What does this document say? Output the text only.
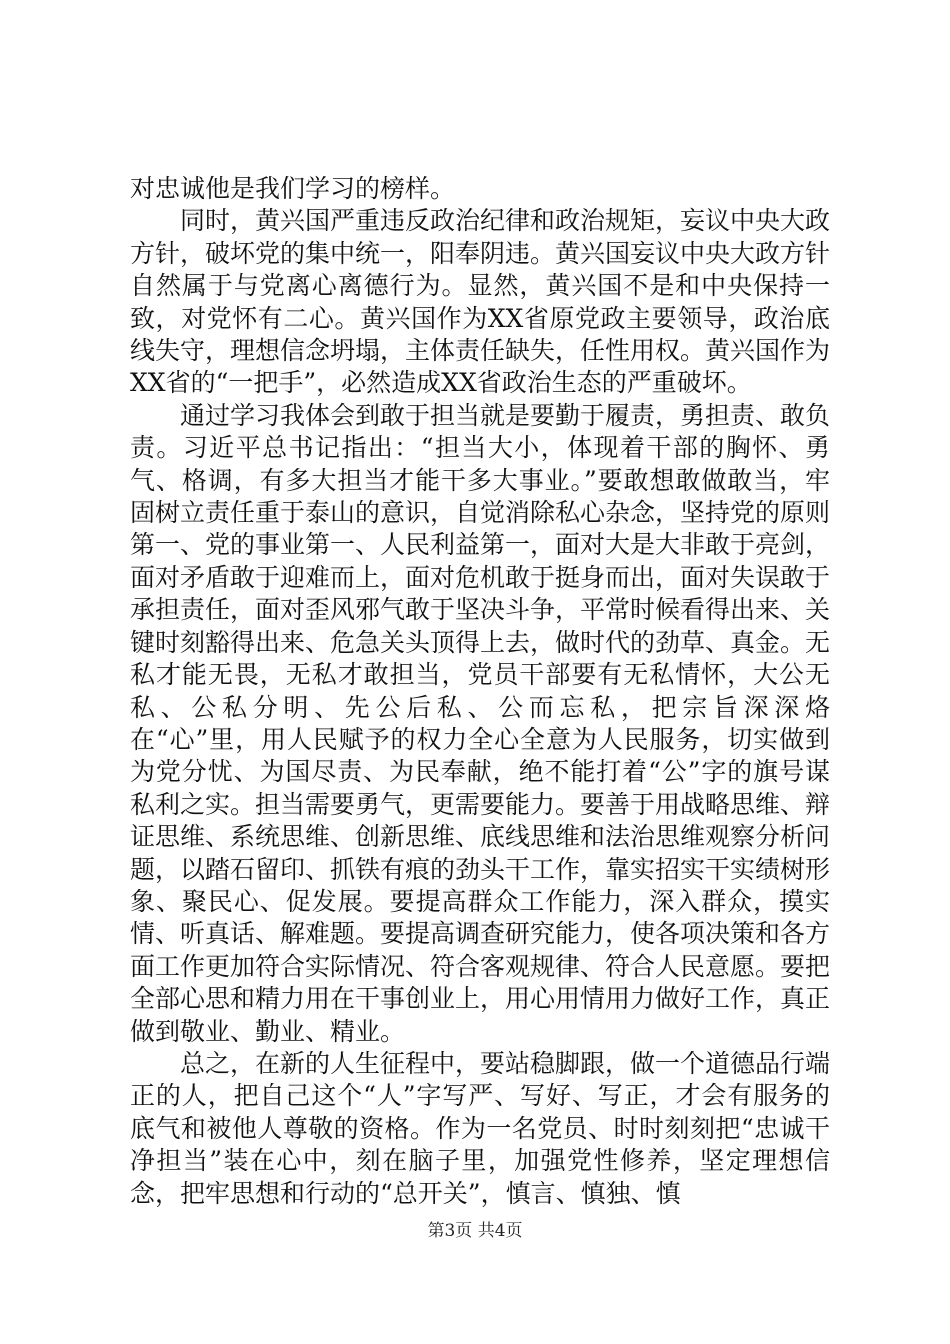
对忠诚他是我们学习的榜样。

同时，黄兴国严重违反政治纪律和政治规矩，妄议中央大政方针，破坏党的集中统一，阳奉阴违。黄兴国妄议中央大政方针自然属于与党离心离德行为。显然，黄兴国不是和中央保持一致，对党怀有二心。黄兴国作为XX省原党政主要领导，政治底线失守，理想信念坍塌，主体责任缺失，任性用权。黄兴国作为XX省的“一把手”，必然造成XX省政治生态的严重破坏。

通过学习我体会到敢于担当就是要勤于履责，勇担责、敢负责。习近平总书记指出：“担当大小，体现着干部的胸怀、勇气、格调，有多大担当才能干多大事业。”要敢想敢做敢当，牢固树立责任重于泰山的意识，自觉消除私心杂念，坚持党的原则第一、党的事业第一、人民利益第一，面对大是大非敢于亮剑，面对矛盾敢于迎难而上，面对危机敢于挺身而出，面对失误敢于承担责任，面对歪风邪气敢于坚决斗争，平常时候看得出来、关键时刻豁得出来、危急关头顶得上去，做时代的劲草、真金。无私才能无畏，无私才敢担当，党员干部要有无私情怀，大公无私、公私分明、先公后私、公而忘私，把宗旨深深烙在“心”里，用人民赋予的权力全心全意为人民服务，切实做到为党分忧、为国尽责、为民奉献，绝不能打着“公”字的旗号谋私利之实。担当需要勇气，更需要能力。要善于用战略思维、辩证思维、系统思维、创新思维、底线思维和法治思维观察分析问题，以踏石留印、抓铁有痕的劲头干工作，靠实招实干实绩树形象、聚民心、促发展。要提高群众工作能力，深入群众，摸实情、听真话、解难题。要提高调查研究能力，使各项决策和各方面工作更加符合实际情况、符合客观规律、符合人民意愿。要把全部心思和精力用在干事创业上，用心用情用力做好工作，真正做到敬业、勤业、精业。

总之，在新的人生征程中，要站稳脚跟，做一个道德品行端正的人，把自己这个“人”字写严、写好、写正，才会有服务的底气和被他人尊敬的资格。作为一名党员、时时刻刻把“忠诚干净担当”装在心中，刻在脑子里，加强党性修养，坚定理想信念，把牢思想和行动的“总开关”，慎言、慎独、慎

第3页 共4页
